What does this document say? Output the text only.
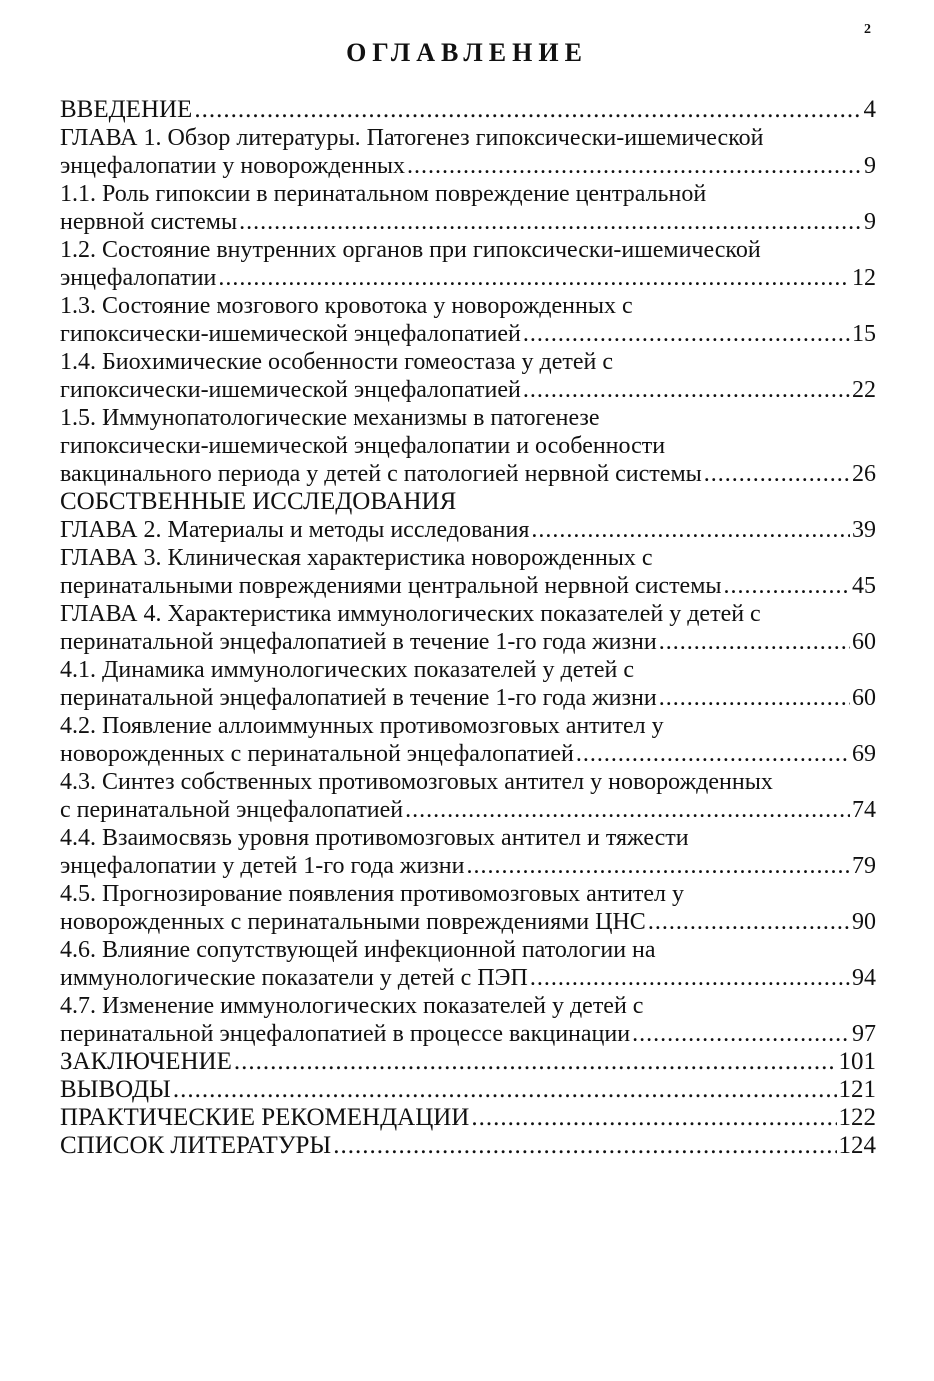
2
ОГЛАВЛЕНИЕ
ВВЕДЕНИЕ .....	4
ГЛАВА 1. Обзор литературы. Патогенез гипоксически-ишемической
энцефалопатии у новорожденных .....	9
1.1. Роль гипоксии в перинатальном повреждение центральной
нервной системы .....	9
1.2. Состояние внутренних органов при гипоксически-ишемической
энцефалопатии .....	12
1.3. Состояние мозгового кровотока у новорожденных с
гипоксически-ишемической энцефалопатией .....	15
1.4. Биохимические особенности гомеостаза у детей с
гипоксически-ишемической энцефалопатией .....	22
1.5. Иммунопатологические механизмы в патогенезе
гипоксически-ишемической энцефалопатии и особенности
вакцинального периода у детей с патологией нервной системы .....	26
СОБСТВЕННЫЕ ИССЛЕДОВАНИЯ
ГЛАВА 2. Материалы и методы исследования .....	39
ГЛАВА 3. Клиническая характеристика новорожденных с
перинатальными повреждениями центральной нервной системы .....	45
ГЛАВА 4. Характеристика иммунологических показателей у детей с
перинатальной энцефалопатией в течение 1-го года жизни .....	60
4.1. Динамика иммунологических показателей у детей с
перинатальной энцефалопатией в течение 1-го года жизни .....	60
4.2. Появление аллоиммунных противомозговых антител у
новорожденных с перинатальной энцефалопатией .....	69
4.3. Синтез собственных противомозговых антител у новорожденных
с перинатальной энцефалопатией .....	74
4.4. Взаимосвязь уровня противомозговых антител и тяжести
энцефалопатии у детей 1-го года жизни .....	79
4.5. Прогнозирование появления противомозговых антител у
новорожденных с перинатальными повреждениями ЦНС .....	90
4.6. Влияние сопутствующей инфекционной патологии на
иммунологические показатели у детей с ПЭП .....	94
4.7. Изменение иммунологических показателей у детей с
перинатальной энцефалопатией в процессе вакцинации .....	97
ЗАКЛЮЧЕНИЕ .....	101
ВЫВОДЫ .....	121
ПРАКТИЧЕСКИЕ РЕКОМЕНДАЦИИ .....	122
СПИСОК ЛИТЕРАТУРЫ .....	124
